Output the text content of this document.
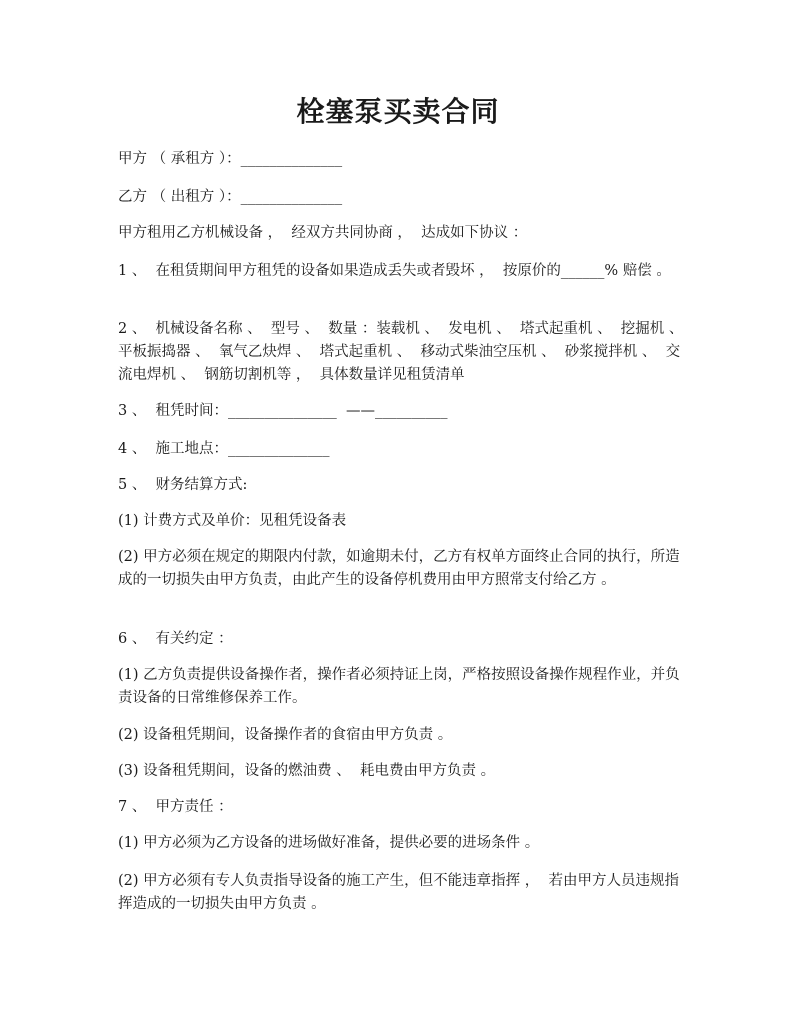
栓塞泵买卖合同
甲方 （ 承租方 ）：______________
乙方 （ 出租方 ）：______________
甲方租用乙方机械设备 ，  经双方共同协商 ，  达成如下协议 ：
1 、  在租赁期间甲方租凭的设备如果造成丢失或者毁坏 ，  按原价的______% 赔偿 。
2 、  机械设备名称 、  型号 、  数量 ：装载机 、  发电机 、  塔式起重机 、  挖掘机 、  平板振捣器 、  氧气乙炔焊 、  塔式起重机 、  移动式柴油空压机 、  砂浆搅拌机 、  交流电焊机 、  钢筋切割机等 ，  具体数量详见租赁清单
3 、  租凭时间：_______________  ——__________
4 、  施工地点：______________
5 、  财务结算方式:
(1) 计费方式及单价：见租凭设备表
(2) 甲方必须在规定的期限内付款，如逾期未付，乙方有权单方面终止合同的执行，所造成的一切损失由甲方负责，由此产生的设备停机费用由甲方照常支付给乙方 。
6 、  有关约定 ：
(1) 乙方负责提供设备操作者，操作者必须持证上岗，严格按照设备操作规程作业，并负责设备的日常维修保养工作。
(2) 设备租凭期间，设备操作者的食宿由甲方负责 。
(3) 设备租凭期间，设备的燃油费 、  耗电费由甲方负责 。
7 、  甲方责任 ：
(1) 甲方必须为乙方设备的进场做好准备，提供必要的进场条件 。
(2) 甲方必须有专人负责指导设备的施工产生，但不能违章指挥 ，  若由甲方人员违规指挥造成的一切损失由甲方负责 。
